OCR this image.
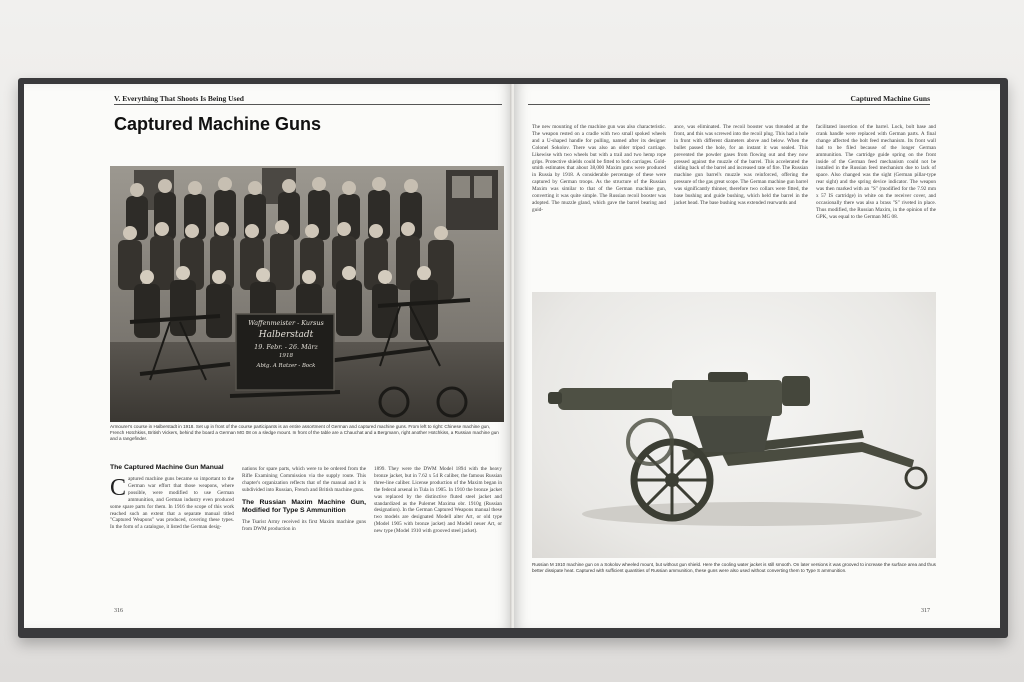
V. Everything That Shoots Is Being Used
Captured Machine Guns
Waffenmeister - Kursus
Halberstadt
19. Febr. - 26. März
1918
Abtg. A Ratzer - Bock
Armourer's course in Halberstadt in 1918. Set up in front of the course participants is an entire assortment of German and captured machine guns. From left to right: Chinese machine gun, French Hotchkiss, British Vickers, behind the board a German MG 08 on a sledge mount. In front of the table are a Chauchat and a Bergmann, right another Hotchkiss, a Russian machine gun and a rangefinder.
The Captured Machine Gun Manual
C aptured machine guns became so important to the German war effort that those weapons, where possible, were modified to use German ammunition, and German industry even produced some spare parts for them. In 1916 the scope of this work reached such an extent that a separate manual titled "Captured Weapons" was produced, covering these types. In the form of a catalogue, it listed the German desig-

nations for spare parts, which were to be ordered from the Rifle Examining Commission via the supply route. This chapter's organization reflects that of the manual and it is subdivided into Russian, French and British machine guns.

The Russian Maxim Machine Gun, Modified for Type S Ammunition

The Tsarist Army received its first Maxim machine guns from DWM production in

1899. They were the DWM Model 1894 with the heavy bronze jacket, but in 7.62 x 54 R caliber, the famous Russian three-line caliber. License production of the Maxim began in the federal arsenal in Tula in 1905. In 1910 the bronze jacket was replaced by the distinctive fluted steel jacket and standardized as the Pulemet Maxima obr. 1910g (Russian designation). In the German Captured Weapons manual these two models are designated Modell alter Art, or old type (Model 1905 with bronze jacket) and Modell neuer Art, or new type (Model 1910 with grooved steel jacket).

316
Captured Machine Guns

The new mounting of the machine gun was also characteristic. The weapon rested on a cradle with two small spoked wheels and a U-shaped handle for pulling, named after its designer Colonel Sokolov. There was also an older tripod carriage. Likewise with two wheels but with a trail and two hemp rope grips. Protective shields could be fitted to both carriages. Gold-smith estimates that about 38,000 Maxim guns were produced in Russia by 1918. A considerable percentage of these were captured by German troops. As the structure of the Russian Maxim was similar to that of the German machine gun, converting it was quite simple. The Russian recoil booster was adopted. The muzzle gland, which gave the barrel bearing and guid-

ance, was eliminated. The recoil booster was threaded at the front, and this was screwed into the recoil plug. This had a hole in front with different diameters above and below. When the bullet passed the hole, for an instant it was sealed. This prevented the powder gases from flowing out and they now pressed against the muzzle of the barrel. This accelerated the sliding back of the barrel and increased rate of fire. The Russian machine gun barrel's muzzle was reinforced, offering the pressure of the gas great scope. The German machine gun barrel was significantly thinner, therefore two collars were fitted, the base bushing and guide bushing, which held the barrel in the jacket head. The base bushing was extended rearwards and

facilitated insertion of the barrel. Lock, bolt base and crank handle were replaced with German parts. A final change affected the bolt feed mechanism. Its front wall had to be filed because of the longer German ammunition. The cartridge guide spring on the front inside of the German feed mechanism could not be installed in the Russian feed mechanism due to lack of space. Also changed was the sight (German pillar-type rear sight) and the spring device indicator. The weapon was then marked with an "S" (modified for the 7.92 mm x 57 IS cartridge) in white on the receiver cover, and occasionally there was also a brass "S" riveted in place. Thus modified, the Russian Maxim, in the opinion of the GPK, was equal to the German MG 08.

Russian M 1910 machine gun on a Sokolov wheeled mount, but without gun shield. Here the cooling water jacket is still smooth. On later versions it was grooved to increase the surface area and thus better dissipate heat. Captured with sufficient quantities of Russian ammunition, these guns were also used without converting them to Type S ammunition.
317
